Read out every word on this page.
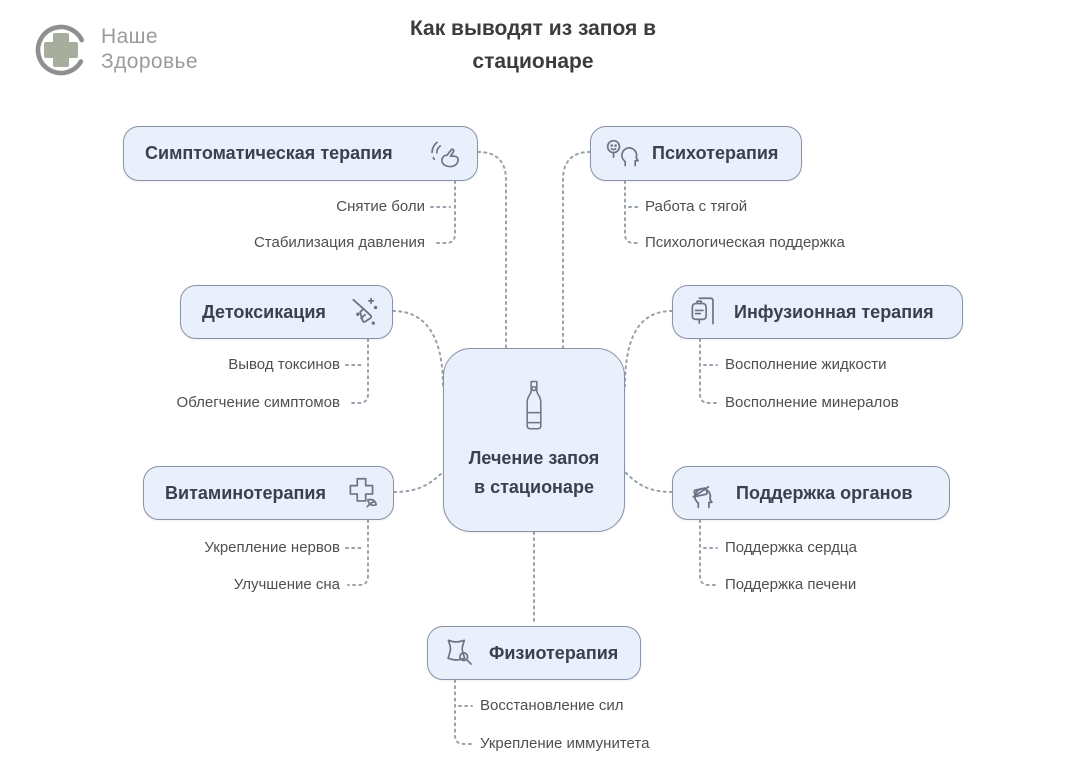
Наше
Здоровье
Как выводят из запоя в стационаре
Симптоматическая терапия	Психотерапия
Детоксикация	Инфузионная терапия
Лечение запоя в стационаре
Витаминотерапия	Поддержка органов
Физиотерапия
Снятие боли
Стабилизация давления
Работа с тягой
Психологическая поддержка
Вывод токсинов
Облегчение симптомов
Восполнение жидкости
Восполнение минералов
Укрепление нервов
Улучшение сна
Поддержка сердца
Поддержка печени
Восстановление сил
Укрепление иммунитета
